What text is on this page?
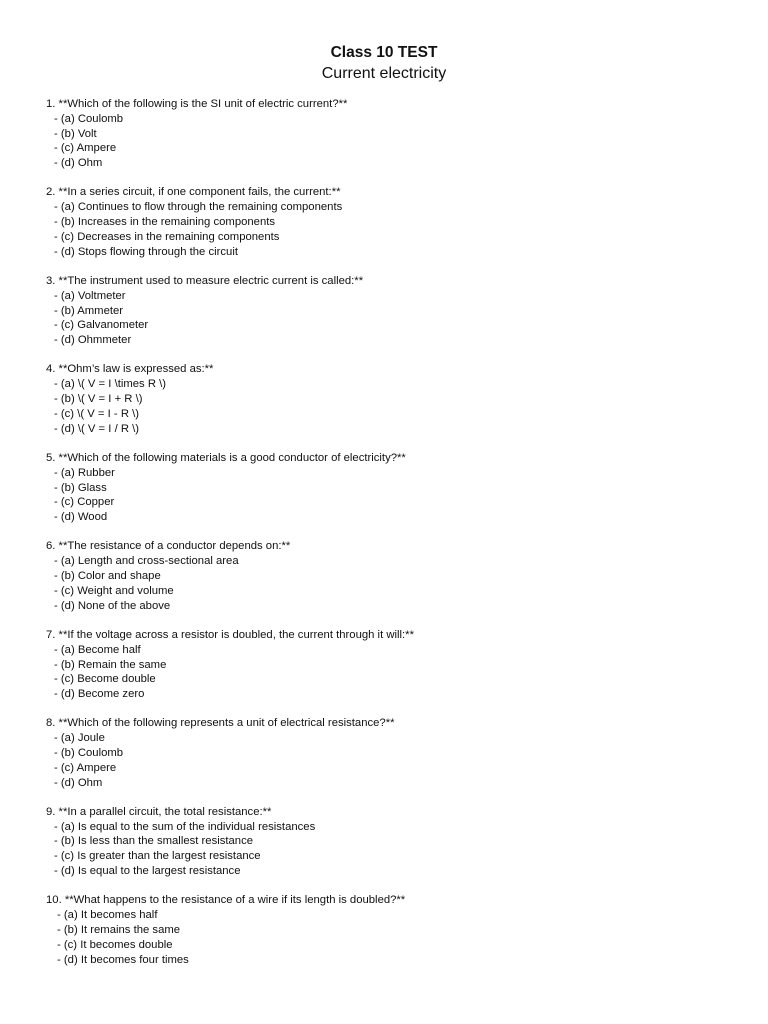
Class 10 TEST
Current electricity
1. **Which of the following is the SI unit of electric current?**
- (a) Coulomb
- (b) Volt
- (c) Ampere
- (d) Ohm
2. **In a series circuit, if one component fails, the current:**
- (a) Continues to flow through the remaining components
- (b) Increases in the remaining components
- (c) Decreases in the remaining components
- (d) Stops flowing through the circuit
3. **The instrument used to measure electric current is called:**
- (a) Voltmeter
- (b) Ammeter
- (c) Galvanometer
- (d) Ohmmeter
4. **Ohm’s law is expressed as:**
- (a) \( V = I \times R \)
- (b) \( V = I + R \)
- (c) \( V = I - R \)
- (d) \( V = I / R \)
5. **Which of the following materials is a good conductor of electricity?**
- (a) Rubber
- (b) Glass
- (c) Copper
- (d) Wood
6. **The resistance of a conductor depends on:**
- (a) Length and cross-sectional area
- (b) Color and shape
- (c) Weight and volume
- (d) None of the above
7. **If the voltage across a resistor is doubled, the current through it will:**
- (a) Become half
- (b) Remain the same
- (c) Become double
- (d) Become zero
8. **Which of the following represents a unit of electrical resistance?**
- (a) Joule
- (b) Coulomb
- (c) Ampere
- (d) Ohm
9. **In a parallel circuit, the total resistance:**
- (a) Is equal to the sum of the individual resistances
- (b) Is less than the smallest resistance
- (c) Is greater than the largest resistance
- (d) Is equal to the largest resistance
10. **What happens to the resistance of a wire if its length is doubled?**
- (a) It becomes half
- (b) It remains the same
- (c) It becomes double
- (d) It becomes four times
